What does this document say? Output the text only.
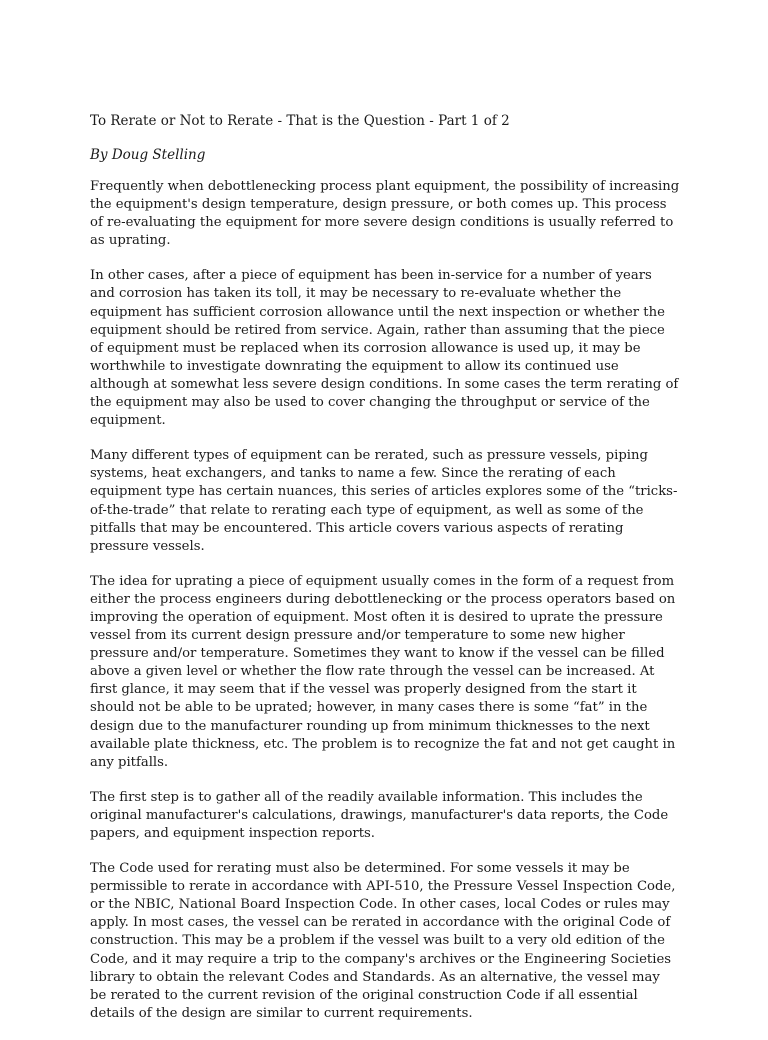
To Rerate or Not to Rerate - That is the Question - Part 1 of 2
By Doug Stelling

Frequently when debottlenecking process plant equipment, the possibility of increasing the equipment's design temperature, design pressure, or both comes up. This process of re-evaluating the equipment for more severe design conditions is usually referred to as uprating.

In other cases, after a piece of equipment has been in-service for a number of years and corrosion has taken its toll, it may be necessary to re-evaluate whether the equipment has sufficient corrosion allowance until the next inspection or whether the equipment should be retired from service. Again, rather than assuming that the piece of equipment must be replaced when its corrosion allowance is used up, it may be worthwhile to investigate downrating the equipment to allow its continued use although at somewhat less severe design conditions. In some cases the term rerating of the equipment may also be used to cover changing the throughput or service of the equipment.

Many different types of equipment can be rerated, such as pressure vessels, piping systems, heat exchangers, and tanks to name a few. Since the rerating of each equipment type has certain nuances, this series of articles explores some of the “tricks-of-the-trade” that relate to rerating each type of equipment, as well as some of the pitfalls that may be encountered. This article covers various aspects of rerating pressure vessels.

The idea for uprating a piece of equipment usually comes in the form of a request from either the process engineers during debottlenecking or the process operators based on improving the operation of equipment. Most often it is desired to uprate the pressure vessel from its current design pressure and/or temperature to some new higher pressure and/or temperature. Sometimes they want to know if the vessel can be filled above a given level or whether the flow rate through the vessel can be increased. At first glance, it may seem that if the vessel was properly designed from the start it should not be able to be uprated; however, in many cases there is some “fat” in the design due to the manufacturer rounding up from minimum thicknesses to the next available plate thickness, etc. The problem is to recognize the fat and not get caught in any pitfalls.

The first step is to gather all of the readily available information. This includes the original manufacturer's calculations, drawings, manufacturer's data reports, the Code papers, and equipment inspection reports.

The Code used for rerating must also be determined. For some vessels it may be permissible to rerate in accordance with API-510, the Pressure Vessel Inspection Code, or the NBIC, National Board Inspection Code. In other cases, local Codes or rules may apply. In most cases, the vessel can be rerated in accordance with the original Code of construction. This may be a problem if the vessel was built to a very old edition of the Code, and it may require a trip to the company's archives or the Engineering Societies library to obtain the relevant Codes and Standards. As an alternative, the vessel may be rerated to the current revision of the original construction Code if all essential details of the design are similar to current requirements.
